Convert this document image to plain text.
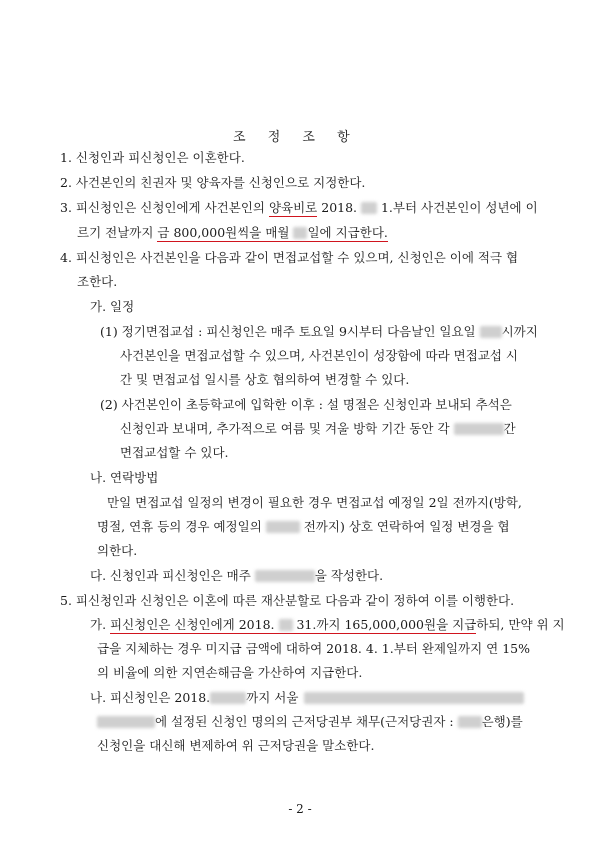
조 정 조 항
1. 신청인과 피신청인은 이혼한다.
2. 사건본인의 친권자 및 양육자를 신청인으로 지정한다.
3. 피신청인은 신청인에게 사건본인의 양육비로 2018.  1.부터 사건본인이 성년에 이
르기 전날까지 금 800,000원씩을 매월 일에 지급한다.
4. 피신청인은 사건본인을 다음과 같이 면접교섭할 수 있으며, 신청인은 이에 적극 협
조한다.
가. 일정
(1) 정기면접교섭 : 피신청인은 매주 토요일 9시부터 다음날인 일요일 시까지
사건본인을 면접교섭할 수 있으며, 사건본인이 성장함에 따라 면접교섭 시
간 및 면접교섭 일시를 상호 협의하여 변경할 수 있다.
(2) 사건본인이 초등학교에 입학한 이후 : 설 명절은 신청인과 보내되 추석은
신청인과 보내며, 추가적으로 여름 및 겨울 방학 기간 동안 각	간
면접교섭할 수 있다.
나. 연락방법
만일 면접교섭 일정의 변경이 필요한 경우 면접교섭 예정일 2일 전까지(방학,
명절, 연휴 등의 경우 예정일의	전까지) 상호 연락하여 일정 변경을 협
의한다.
다. 신청인과 피신청인은 매주	을 작성한다.
5. 피신청인과 신청인은 이혼에 따른 재산분할로 다음과 같이 정하여 이를 이행한다.
가. 피신청인은 신청인에게 2018.  31.까지 165,000,000원을 지급하되, 만약 위 지
급을 지체하는 경우 미지급 금액에 대하여 2018. 4. 1.부터 완제일까지 연 15%
의 비율에 의한 지연손해금을 가산하여 지급한다.
나. 피신청인은 2018.	까지 서울
에 설정된 신청인 명의의 근저당권부 채무(근저당권자 : 은행)를
신청인을 대신해 변제하여 위 근저당권을 말소한다.
- 2 -
